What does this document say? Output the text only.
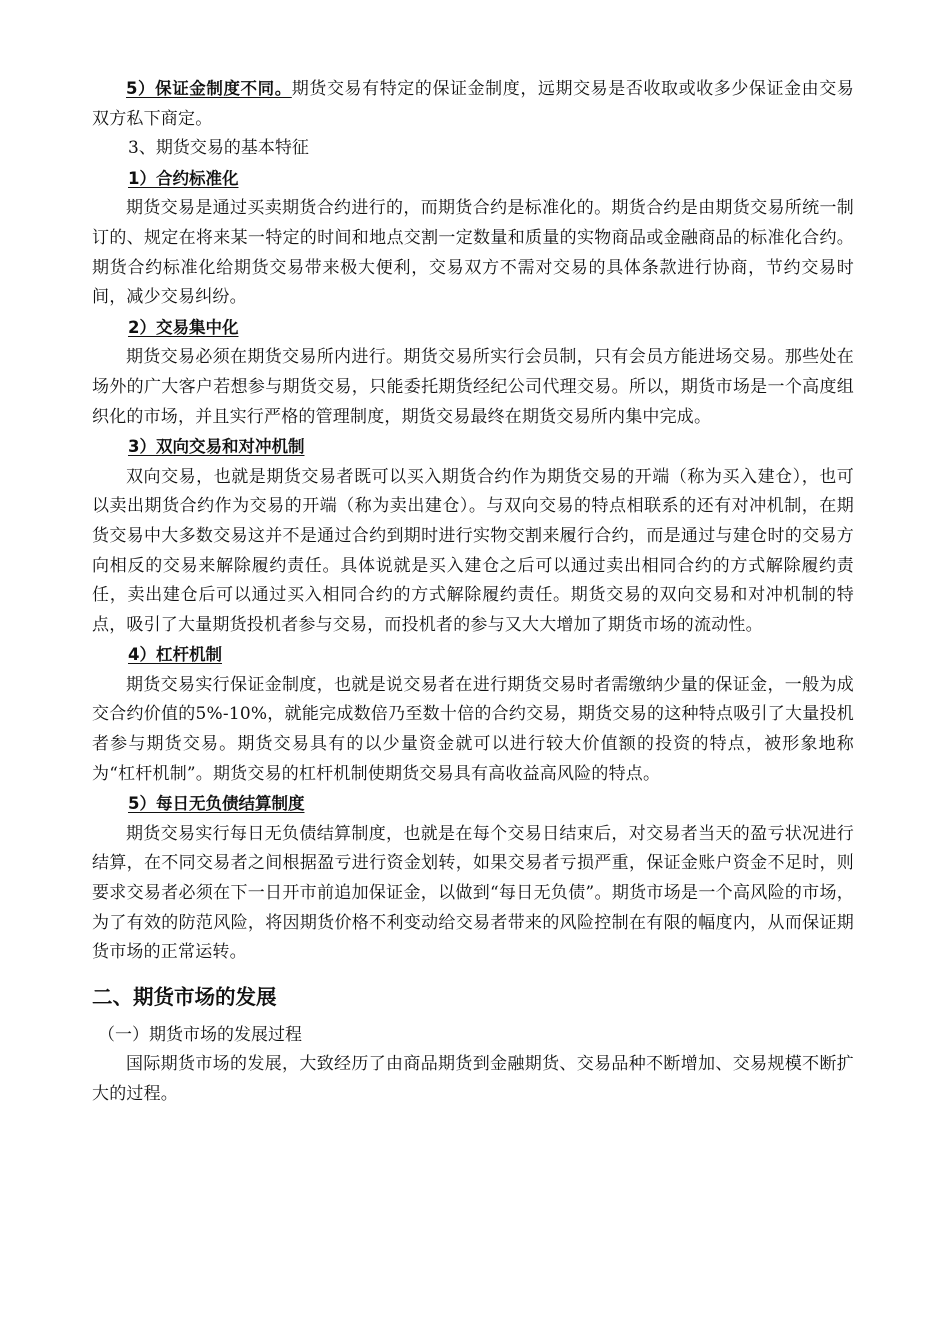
5）保证金制度不同。期货交易有特定的保证金制度，远期交易是否收取或收多少保证金由交易双方私下商定。

3、期货交易的基本特征

1）合约标准化

期货交易是通过买卖期货合约进行的，而期货合约是标准化的。期货合约是由期货交易所统一制订的、规定在将来某一特定的时间和地点交割一定数量和质量的实物商品或金融商品的标准化合约。期货合约标准化给期货交易带来极大便利，交易双方不需对交易的具体条款进行协商，节约交易时间，减少交易纠纷。

2）交易集中化

期货交易必须在期货交易所内进行。期货交易所实行会员制，只有会员方能进场交易。那些处在场外的广大客户若想参与期货交易，只能委托期货经纪公司代理交易。所以，期货市场是一个高度组织化的市场，并且实行严格的管理制度，期货交易最终在期货交易所内集中完成。

3）双向交易和对冲机制

双向交易，也就是期货交易者既可以买入期货合约作为期货交易的开端（称为买入建仓），也可以卖出期货合约作为交易的开端（称为卖出建仓）。与双向交易的特点相联系的还有对冲机制，在期货交易中大多数交易这并不是通过合约到期时进行实物交割来履行合约，而是通过与建仓时的交易方向相反的交易来解除履约责任。具体说就是买入建仓之后可以通过卖出相同合约的方式解除履约责任，卖出建仓后可以通过买入相同合约的方式解除履约责任。期货交易的双向交易和对冲机制的特点，吸引了大量期货投机者参与交易，而投机者的参与又大大增加了期货市场的流动性。

4）杠杆机制

期货交易实行保证金制度，也就是说交易者在进行期货交易时者需缴纳少量的保证金，一般为成交合约价值的5%-10%，就能完成数倍乃至数十倍的合约交易，期货交易的这种特点吸引了大量投机者参与期货交易。期货交易具有的以少量资金就可以进行较大价值额的投资的特点，被形象地称为“杠杆机制”。期货交易的杠杆机制使期货交易具有高收益高风险的特点。

5）每日无负债结算制度

期货交易实行每日无负债结算制度，也就是在每个交易日结束后，对交易者当天的盈亏状况进行结算，在不同交易者之间根据盈亏进行资金划转，如果交易者亏损严重，保证金账户资金不足时，则要求交易者必须在下一日开市前追加保证金，以做到“每日无负债”。期货市场是一个高风险的市场，为了有效的防范风险，将因期货价格不利变动给交易者带来的风险控制在有限的幅度内，从而保证期货市场的正常运转。

二、期货市场的发展

（一）期货市场的发展过程

国际期货市场的发展，大致经历了由商品期货到金融期货、交易品种不断增加、交易规模不断扩大的过程。
